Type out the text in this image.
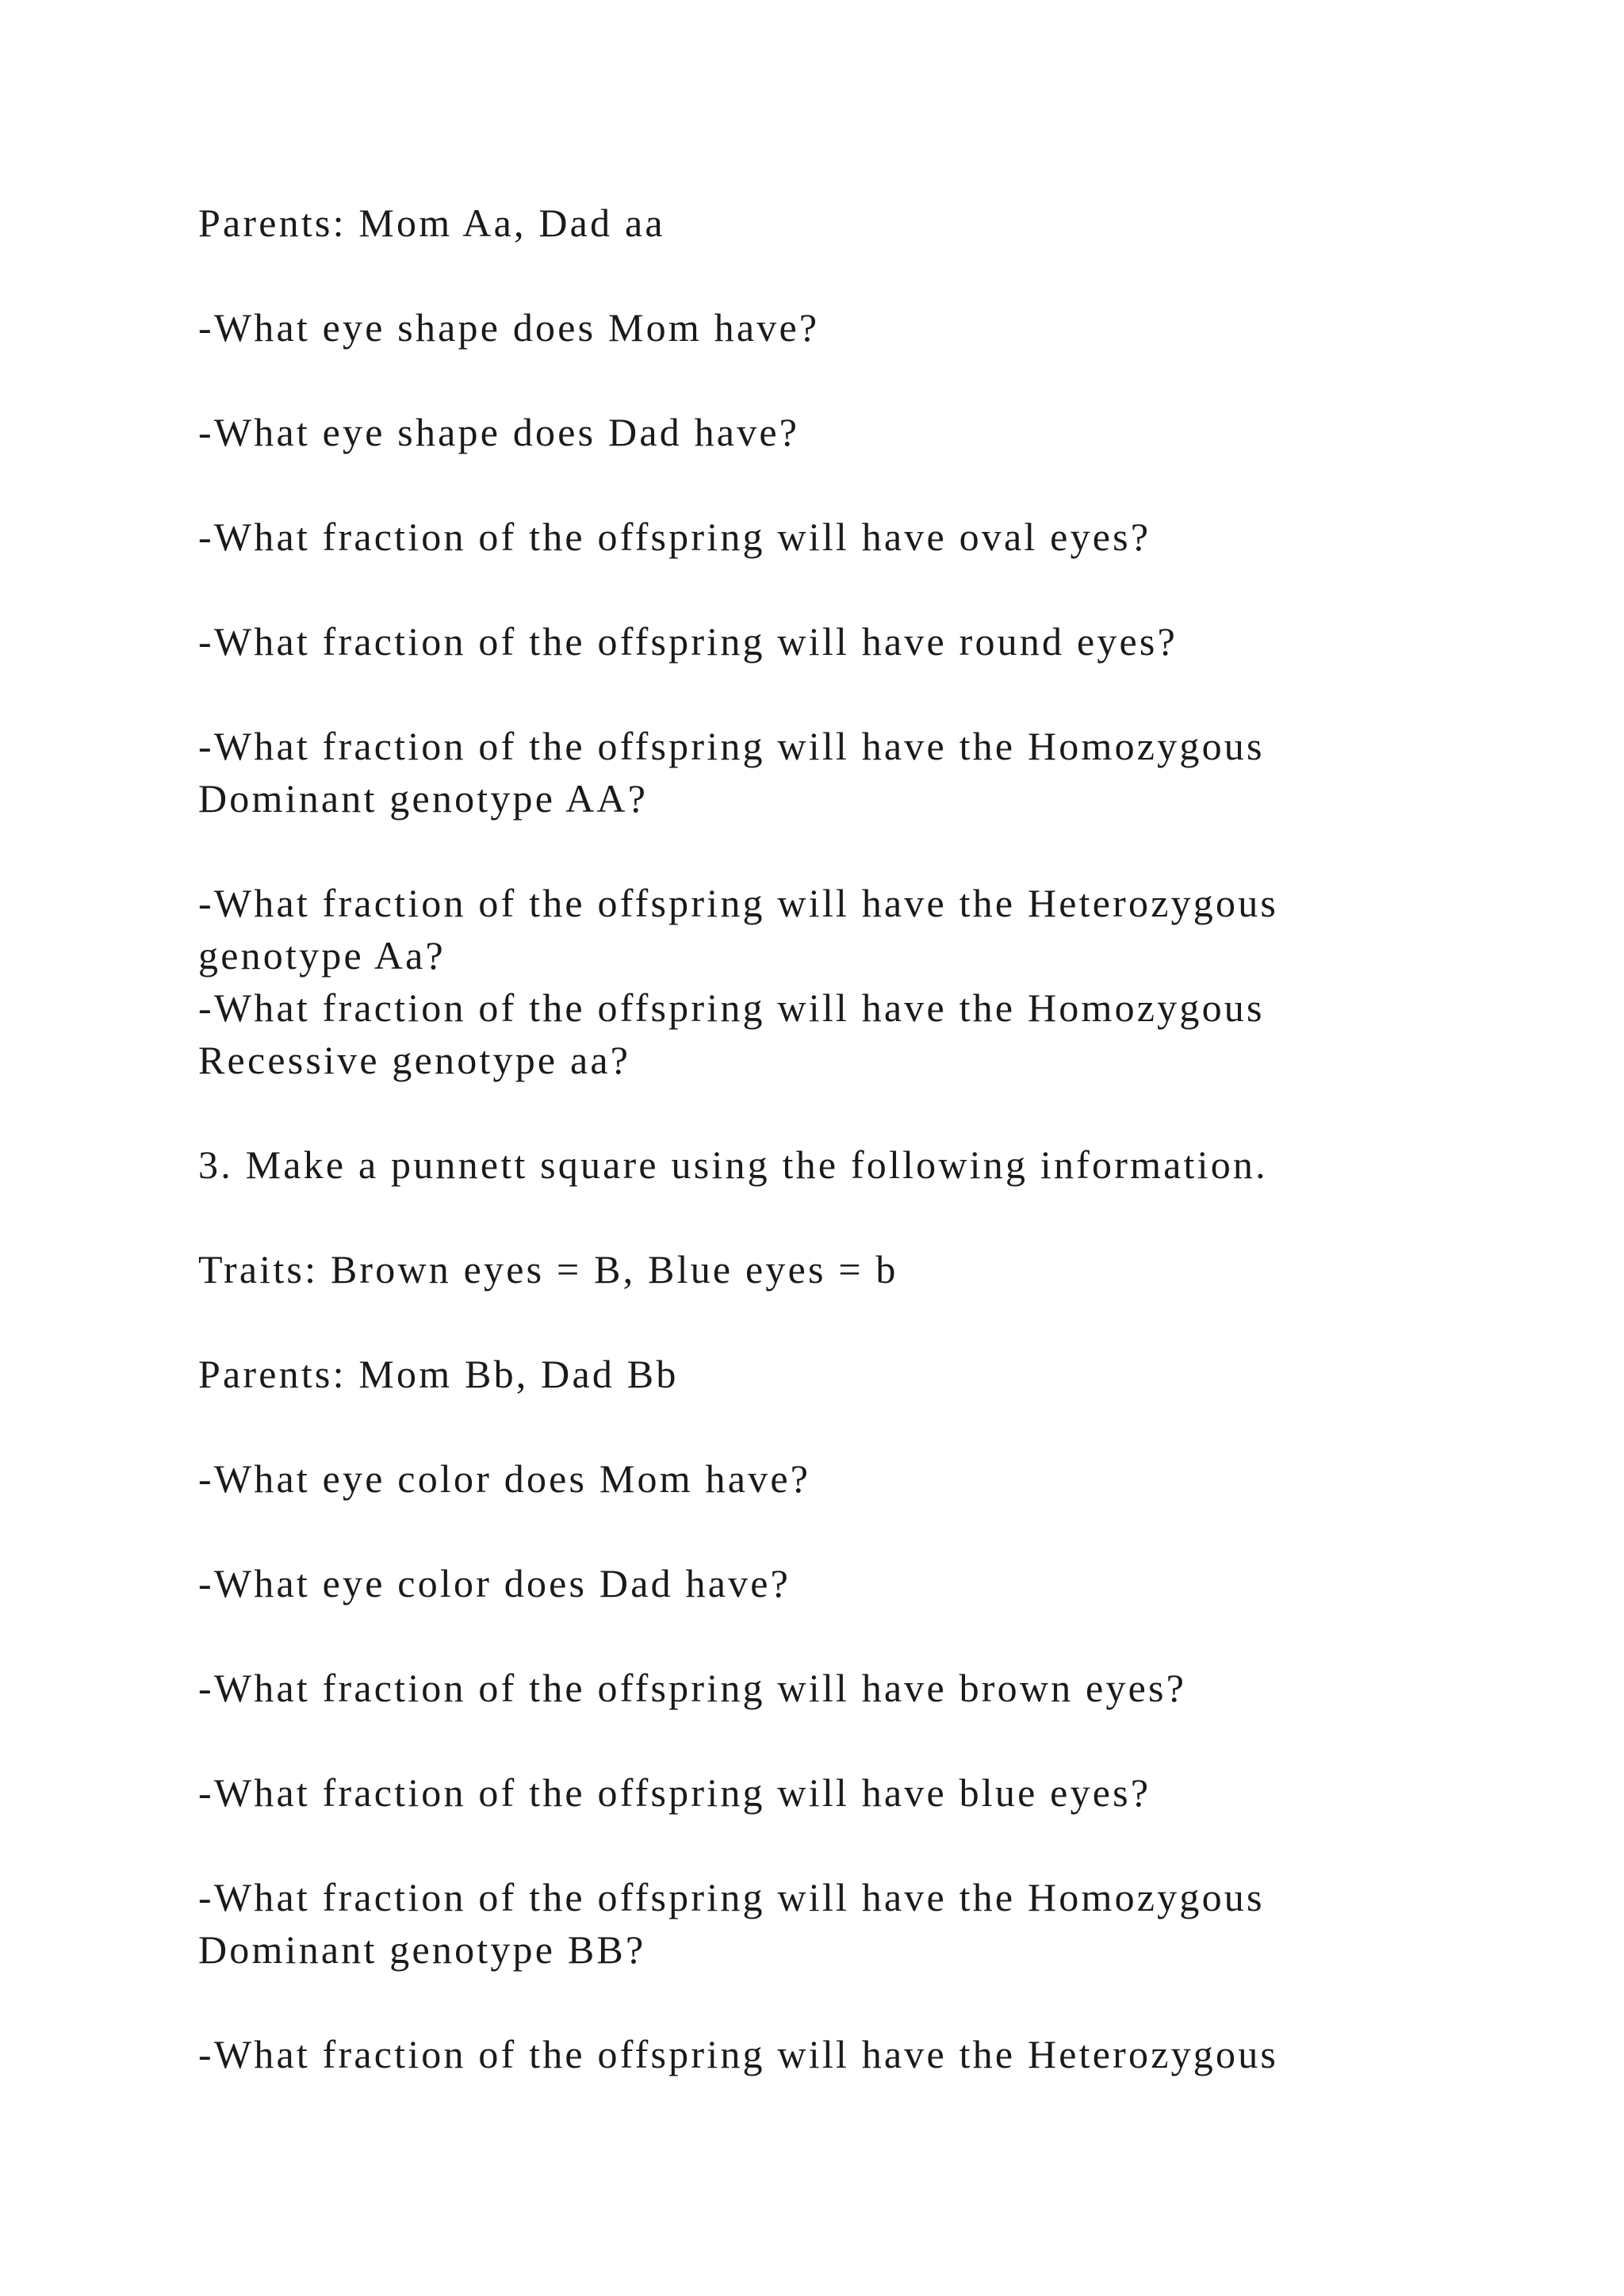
Parents: Mom Aa, Dad aa

-What eye shape does Mom have?

-What eye shape does Dad have?

-What fraction of the offspring will have oval eyes?

-What fraction of the offspring will have round eyes?

-What fraction of the offspring will have the Homozygous

Dominant genotype AA?

-What fraction of the offspring will have the Heterozygous

genotype Aa?

-What fraction of the offspring will have the Homozygous

Recessive genotype aa?

3. Make a punnett square using the following information.

Traits: Brown eyes = B, Blue eyes = b

Parents: Mom Bb, Dad Bb

-What eye color does Mom have?

-What eye color does Dad have?

-What fraction of the offspring will have brown eyes?

-What fraction of the offspring will have blue eyes?

-What fraction of the offspring will have the Homozygous

Dominant genotype BB?

-What fraction of the offspring will have the Heterozygous
